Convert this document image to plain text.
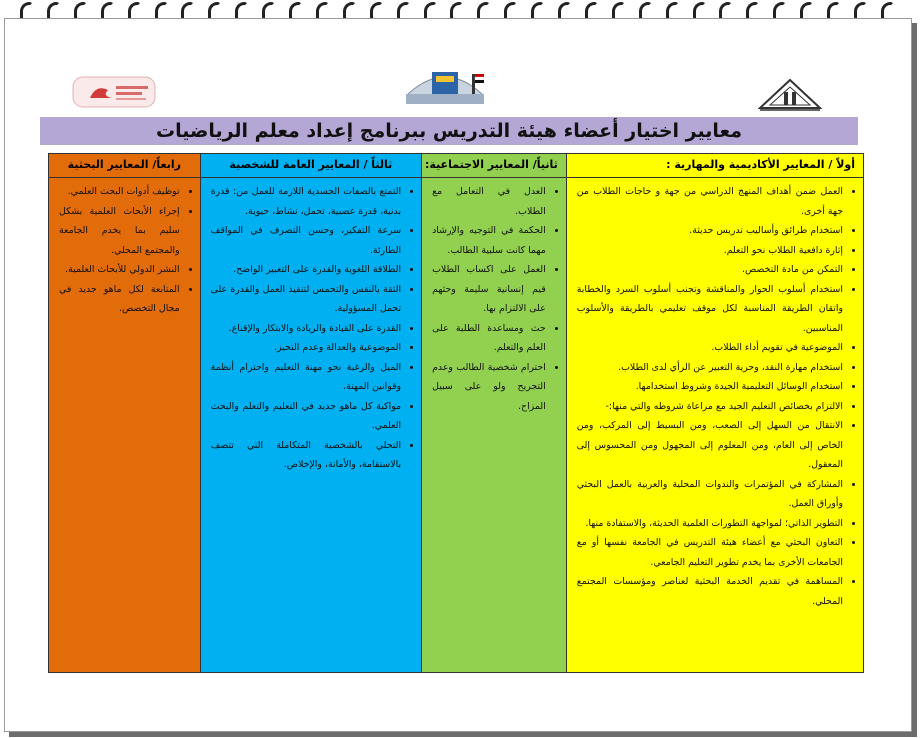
معايير اختيار أعضاء هيئة التدريس ببرنامج إعداد معلم الرياضيات
أولاً / المعايير الأكاديمية والمهارية :
• العمل ضمن أهداف المنهج الدراسي من جهة و حاجات الطلاب من جهة أخرى.
• استخدام طرائق وأساليب تدريس حديثة.
• إثارة دافعية الطلاب نحو التعلم.
• التمكن من مادة التخصص.
• استخدام أسلوب الحوار والمناقشة وتجنب أسلوب السرد والخطابة واتقان الطريقة المناسبة لكل موقف تعليمي بالطريقة والأسلوب المناسبين.
• الموضوعية في تقويم أداء الطلاب.
• استخدام مهارة النقد، وحرية التعبير عن الرأي لدى الطلاب.
• استخدام الوسائل التعليمية الجيدة وشروط استخدامها.
• الالتزام بخصائص التعليم الجيد مع مراعاة شروطه والتي منها:-
• الانتقال من السهل إلى الصعب، ومن البسيط إلى المركب، ومن الخاص إلى العام، ومن المعلوم إلى المجهول ومن المحسوس إلى المعقول.
• المشاركة في المؤتمرات والندوات المحلية والعربية بالعمل البحثي وأوراق العمل.
• التطوير الذاتي؛ لمواجهة التطورات العلمية الحديثة، والاستفادة منها.
• التعاون البحثي مع أعضاء هيئة التدريس في الجامعة نفسها أو مع الجامعات الأخرى بما يخدم تطوير التعليم الجامعي.
• المساهمة في تقديم الخدمة البحثية لعناصر ومؤسسات المجتمع المحلي.
ثانياً/ المعايير الاجتماعية:
• العدل في التعامل مع الطلاب.
• الحكمة في التوجيه والإرشاد مهما كانت سلبية الطالب.
• العمل على اكساب الطلاب قيم إنسانية سليمة وحثهم على الالتزام بها.
• حث ومساعدة الطلبة على العلم والتعلم.
• احترام شخصية الطالب وعدم التجريح ولو على سبيل المزاح.
ثالثاً / المعايير العامة للشخصية
• التمتع بالصفات الجسدية اللازمة للعمل من: قدرة بدنية، قدرة عصبية، تحمل، نشاط، حيوية.
• سرعة التفكير، وحسن التصرف في المواقف الطارئة.
• الطلاقة اللغوية والقدرة على التعبير الواضح.
• الثقة بالنفس والتحمس لتنفيذ العمل والقدرة على تحمل المسؤولية.
• القدرة على القيادة والريادة والابتكار والإقناع.
• الموضوعية والعدالة وعدم التحيز.
• الميل والرغبة نحو مهنة التعليم واحترام أنظمة وقوانين المهنة.
• مواكبة كل ماهو جديد في التعليم والتعلم والبحث العلمي.
• التحلي بالشخصية المتكاملة التي تتصف بالاستقامة، والأمانة، والإخلاص.
رابعاً/ المعايير البحثية
• توظيف أدوات البحث العلمي.
• إجراء الأبحاث العلمية بشكل سليم بما يخدم الجامعة والمجتمع المحلي.
• النشر الدولي للأبحاث العلمية.
• المتابعة لكل ماهو جديد في مجال التخصص.
